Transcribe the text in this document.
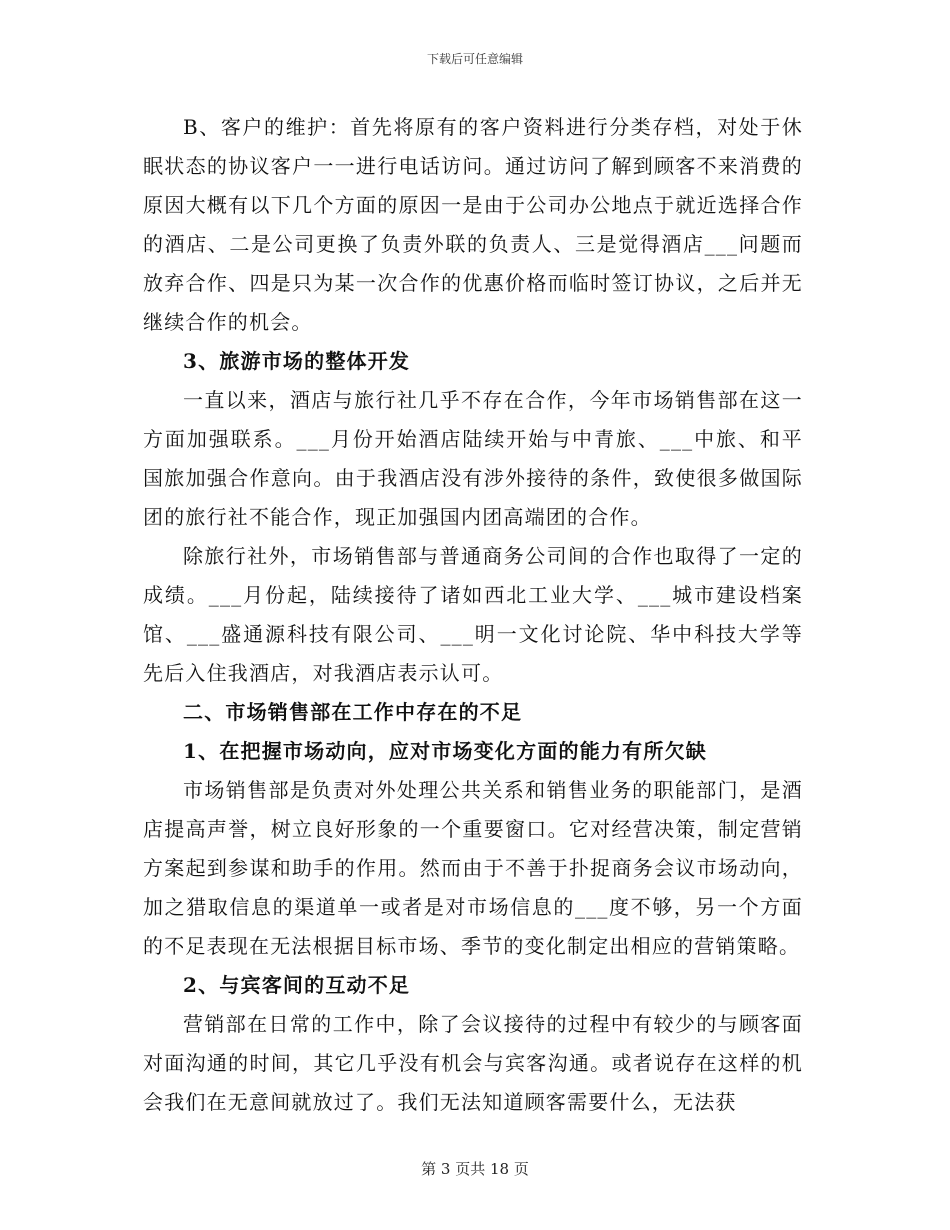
下载后可任意编辑

B、客户的维护：首先将原有的客户资料进行分类存档，对处于休眠状态的协议客户一一进行电话访问。通过访问了解到顾客不来消费的原因大概有以下几个方面的原因一是由于公司办公地点于就近选择合作的酒店、二是公司更换了负责外联的负责人、三是觉得酒店___问题而放弃合作、四是只为某一次合作的优惠价格而临时签订协议，之后并无继续合作的机会。

3、旅游市场的整体开发

一直以来，酒店与旅行社几乎不存在合作，今年市场销售部在这一方面加强联系。___月份开始酒店陆续开始与中青旅、___中旅、和平国旅加强合作意向。由于我酒店没有涉外接待的条件，致使很多做国际团的旅行社不能合作，现正加强国内团高端团的合作。

除旅行社外，市场销售部与普通商务公司间的合作也取得了一定的成绩。___月份起，陆续接待了诸如西北工业大学、___城市建设档案馆、___盛通源科技有限公司、___明一文化讨论院、华中科技大学等先后入住我酒店，对我酒店表示认可。

二、市场销售部在工作中存在的不足

1、在把握市场动向，应对市场变化方面的能力有所欠缺

市场销售部是负责对外处理公共关系和销售业务的职能部门，是酒店提高声誉，树立良好形象的一个重要窗口。它对经营决策，制定营销方案起到参谋和助手的作用。然而由于不善于扑捉商务会议市场动向，加之猎取信息的渠道单一或者是对市场信息的___度不够，另一个方面的不足表现在无法根据目标市场、季节的变化制定出相应的营销策略。

2、与宾客间的互动不足

营销部在日常的工作中，除了会议接待的过程中有较少的与顾客面对面沟通的时间，其它几乎没有机会与宾客沟通。或者说存在这样的机会我们在无意间就放过了。我们无法知道顾客需要什么，无法获

第 3 页共 18 页
